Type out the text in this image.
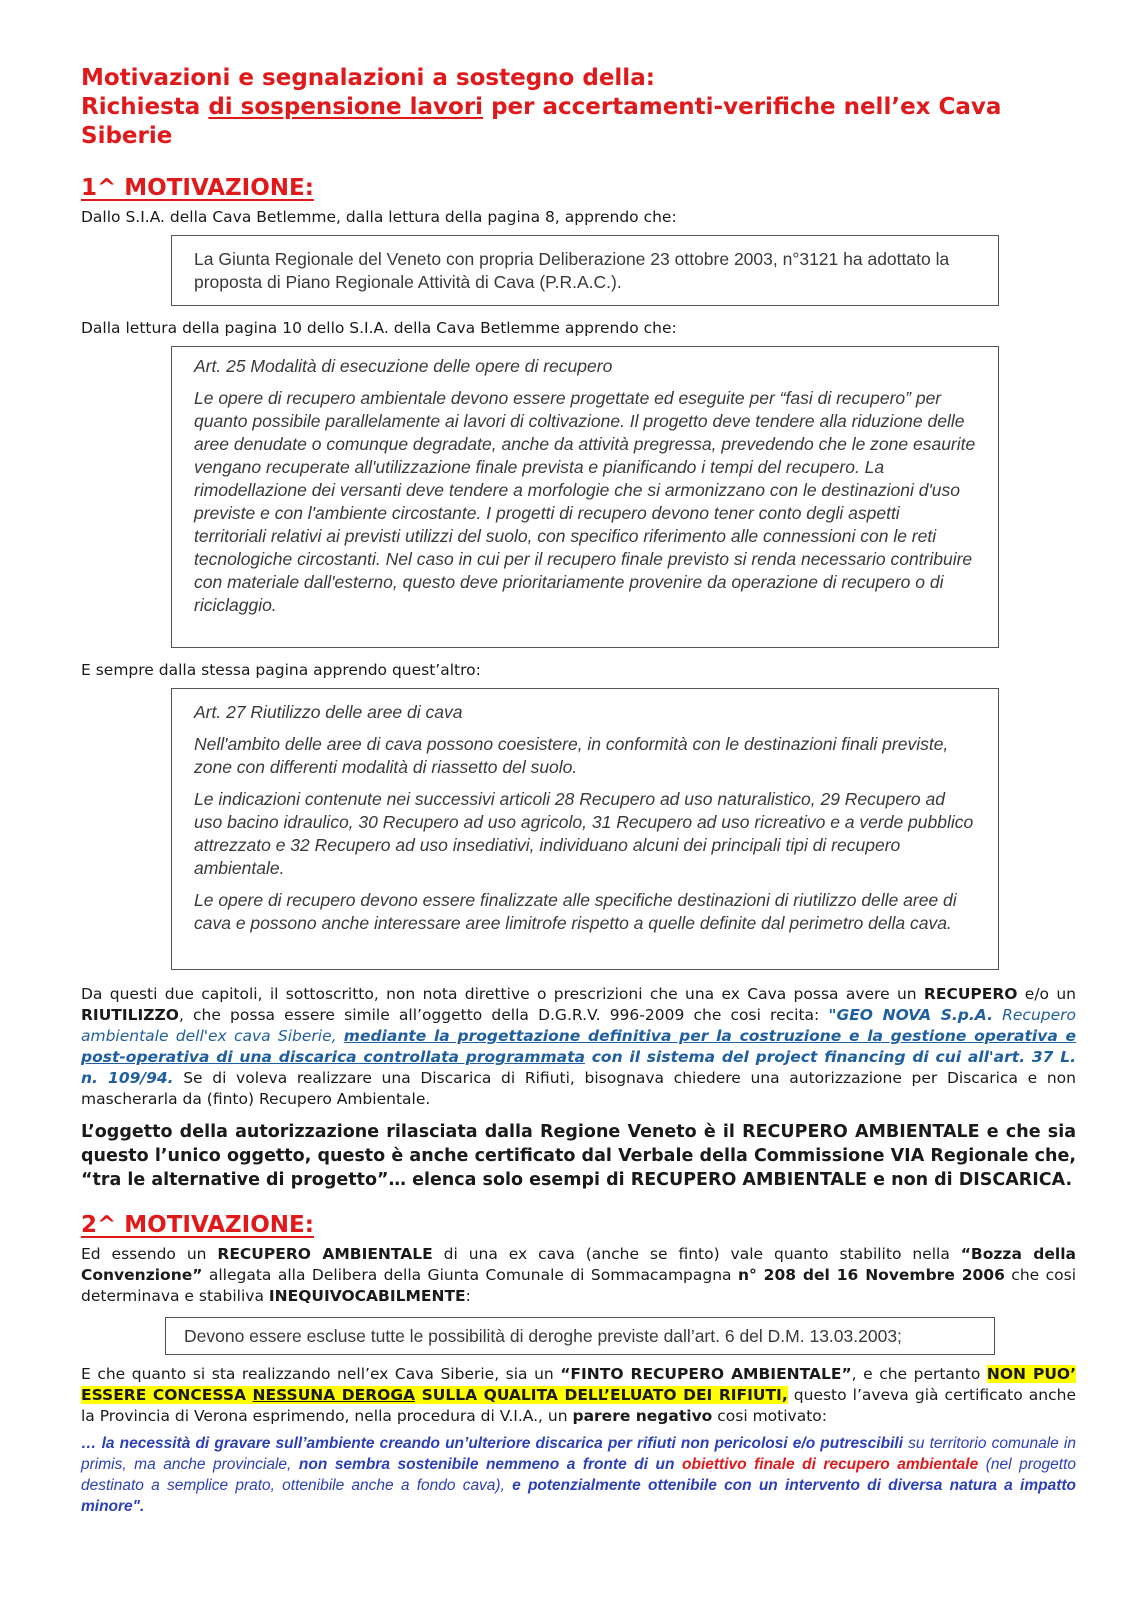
Motivazioni e segnalazioni a sostegno della:
Richiesta di sospensione lavori per accertamenti-verifiche nell’ex Cava Siberie

1^ MOTIVAZIONE:

Dallo S.I.A. della Cava Betlemme, dalla lettura della pagina 8, apprendo che:

La Giunta Regionale del Veneto con propria Deliberazione 23 ottobre 2003, n°3121 ha adottato la proposta di Piano Regionale Attività di Cava (P.R.A.C.).

Dalla lettura della pagina 10 dello S.I.A. della Cava Betlemme apprendo che:

Art. 25 Modalità di esecuzione delle opere di recupero

Le opere di recupero ambientale devono essere progettate ed eseguite per “fasi di recupero” per quanto possibile parallelamente ai lavori di coltivazione. Il progetto deve tendere alla riduzione delle aree denudate o comunque degradate, anche da attività pregressa, prevedendo che le zone esaurite vengano recuperate all'utilizzazione finale prevista e pianificando i tempi del recupero. La rimodellazione dei versanti deve tendere a morfologie che si armonizzano con le destinazioni d'uso previste e con l'ambiente circostante. I progetti di recupero devono tener conto degli aspetti territoriali relativi ai previsti utilizzi del suolo, con specifico riferimento alle connessioni con le reti tecnologiche circostanti. Nel caso in cui per il recupero finale previsto si renda necessario contribuire con materiale dall'esterno, questo deve prioritariamente provenire da operazione di recupero o di riciclaggio.

E sempre dalla stessa pagina apprendo quest’altro:

Art. 27 Riutilizzo delle aree di cava

Nell'ambito delle aree di cava possono coesistere, in conformità con le destinazioni finali previste, zone con differenti modalità di riassetto del suolo.

Le indicazioni contenute nei successivi articoli 28 Recupero ad uso naturalistico, 29 Recupero ad uso bacino idraulico, 30 Recupero ad uso agricolo, 31 Recupero ad uso ricreativo e a verde pubblico attrezzato e 32 Recupero ad uso insediativi, individuano alcuni dei principali tipi di recupero ambientale.

Le opere di recupero devono essere finalizzate alle specifiche destinazioni di riutilizzo delle aree di cava e possono anche interessare aree limitrofe rispetto a quelle definite dal perimetro della cava.

Da questi due capitoli, il sottoscritto, non nota direttive o prescrizioni che una ex Cava possa avere un RECUPERO e/o un RIUTILIZZO, che possa essere simile all’oggetto della D.G.R.V. 996-2009 che cosi recita: "GEO NOVA S.p.A. Recupero ambientale dell'ex cava Siberie, mediante la progettazione definitiva per la costruzione e la gestione operativa e post-operativa di una discarica controllata programmata con il sistema del project financing di cui all'art. 37 L. n. 109/94. Se di voleva realizzare una Discarica di Rifiuti, bisognava chiedere una autorizzazione per Discarica e non mascherarla da (finto) Recupero Ambientale.

L’oggetto della autorizzazione rilasciata dalla Regione Veneto è il RECUPERO AMBIENTALE e che sia questo l’unico oggetto, questo è anche certificato dal Verbale della Commissione VIA Regionale che, “tra le alternative di progetto”… elenca solo esempi di RECUPERO AMBIENTALE e non di DISCARICA.

2^ MOTIVAZIONE:

Ed essendo un RECUPERO AMBIENTALE di una ex cava (anche se finto) vale quanto stabilito nella “Bozza della Convenzione” allegata alla Delibera della Giunta Comunale di Sommacampagna n° 208 del 16 Novembre 2006 che cosi determinava e stabiliva INEQUIVOCABILMENTE:

Devono essere escluse tutte le possibilità di deroghe previste dall’art. 6 del D.M. 13.03.2003;

E che quanto si sta realizzando nell’ex Cava Siberie, sia un “FINTO RECUPERO AMBIENTALE”, e che pertanto NON PUO’ ESSERE CONCESSA NESSUNA DEROGA SULLA QUALITA DELL’ELUATO DEI RIFIUTI, questo l’aveva già certificato anche la Provincia di Verona esprimendo, nella procedura di V.I.A., un parere negativo cosi motivato:

… la necessità di gravare sull’ambiente creando un’ulteriore discarica per rifiuti non pericolosi e/o putrescibili su territorio comunale in primis, ma anche provinciale, non sembra sostenibile nemmeno a fronte di un obiettivo finale di recupero ambientale (nel progetto destinato a semplice prato, ottenibile anche a fondo cava), e potenzialmente ottenibile con un intervento di diversa natura a impatto minore".
